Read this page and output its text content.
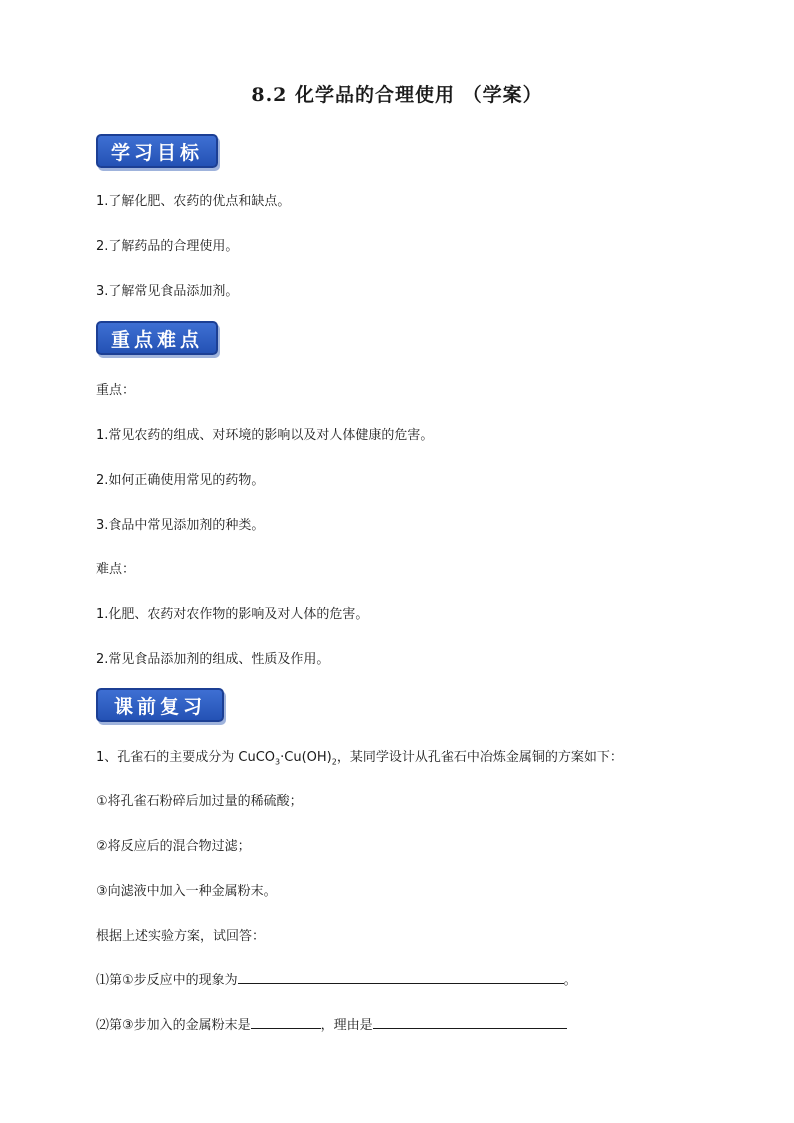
8.2 化学品的合理使用 （学案）
学习目标
1.了解化肥、农药的优点和缺点。
2.了解药品的合理使用。
3.了解常见食品添加剂。
重点难点
重点：
1.常见农药的组成、对环境的影响以及对人体健康的危害。
2.如何正确使用常见的药物。
3.食品中常见添加剂的种类。
难点：
1.化肥、农药对农作物的影响及对人体的危害。
2.常见食品添加剂的组成、性质及作用。
课前复习
1、孔雀石的主要成分为 $CuCO_3\cdot Cu(OH)_2$，某同学设计从孔雀石中冶炼金属铜的方案如下：
①将孔雀石粉碎后加过量的稀硫酸；
②将反应后的混合物过滤；
③向滤液中加入一种金属粉末。
根据上述实验方案，试回答：
⑴第①步反应中的现象为	。
⑵第③步加入的金属粉末是	，理由是
